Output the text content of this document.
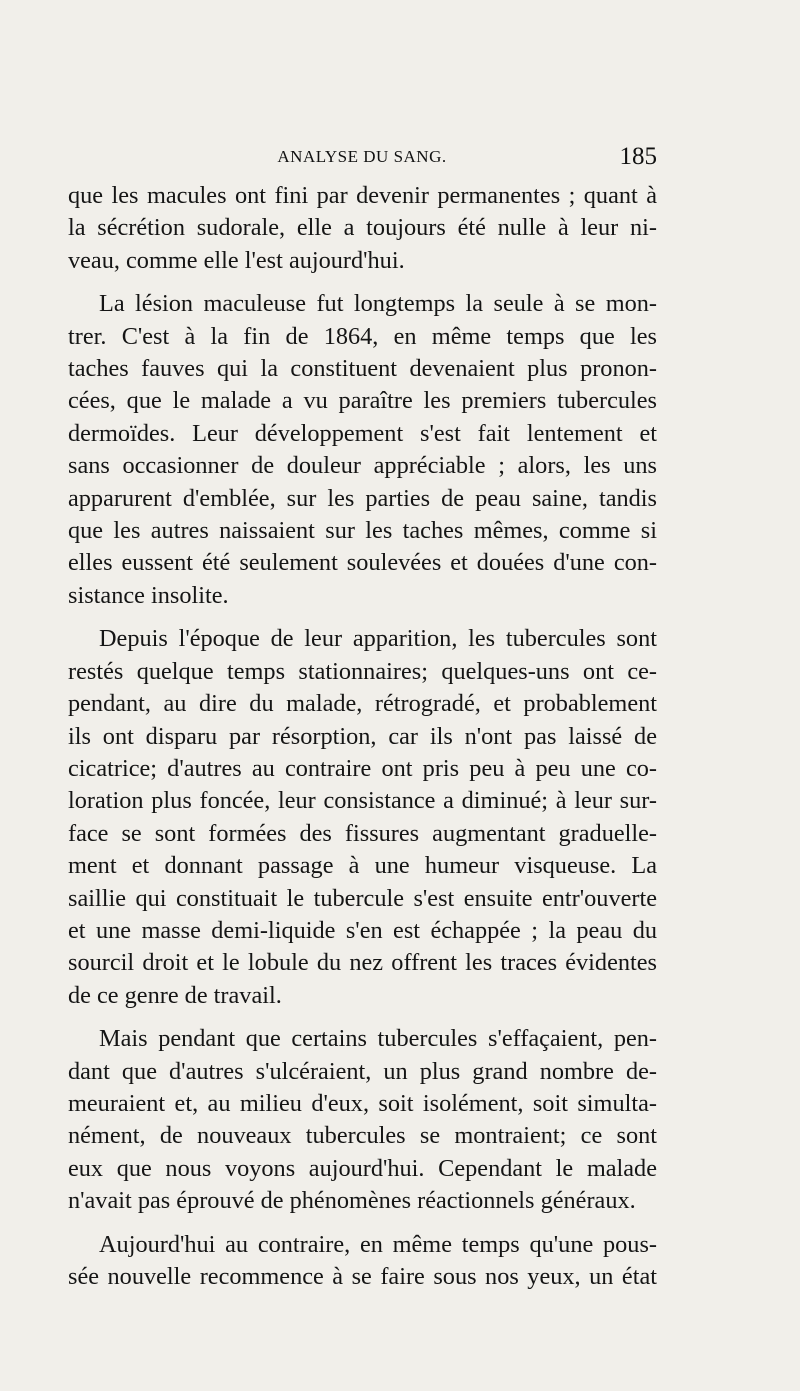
ANALYSE DU SANG.	185
que les macules ont fini par devenir permanentes ; quant à
la sécrétion sudorale, elle a toujours été nulle à leur ni-
veau, comme elle l'est aujourd'hui.
La lésion maculeuse fut longtemps la seule à se mon-
trer. C'est à la fin de 1864, en même temps que les
taches fauves qui la constituent devenaient plus pronon-
cées, que le malade a vu paraître les premiers tubercules
dermoïdes. Leur développement s'est fait lentement et
sans occasionner de douleur appréciable ; alors, les uns
apparurent d'emblée, sur les parties de peau saine, tandis
que les autres naissaient sur les taches mêmes, comme si
elles eussent été seulement soulevées et douées d'une con-
sistance insolite.
Depuis l'époque de leur apparition, les tubercules sont
restés quelque temps stationnaires; quelques-uns ont ce-
pendant, au dire du malade, rétrogradé, et probablement
ils ont disparu par résorption, car ils n'ont pas laissé de
cicatrice; d'autres au contraire ont pris peu à peu une co-
loration plus foncée, leur consistance a diminué; à leur sur-
face se sont formées des fissures augmentant graduelle-
ment et donnant passage à une humeur visqueuse. La
saillie qui constituait le tubercule s'est ensuite entr'ouverte
et une masse demi-liquide s'en est échappée ; la peau du
sourcil droit et le lobule du nez offrent les traces évidentes
de ce genre de travail.
Mais pendant que certains tubercules s'effaçaient, pen-
dant que d'autres s'ulcéraient, un plus grand nombre de-
meuraient et, au milieu d'eux, soit isolément, soit simulta-
nément, de nouveaux tubercules se montraient; ce sont
eux que nous voyons aujourd'hui. Cependant le malade
n'avait pas éprouvé de phénomènes réactionnels généraux.
Aujourd'hui au contraire, en même temps qu'une pous-
sée nouvelle recommence à se faire sous nos yeux, un état
